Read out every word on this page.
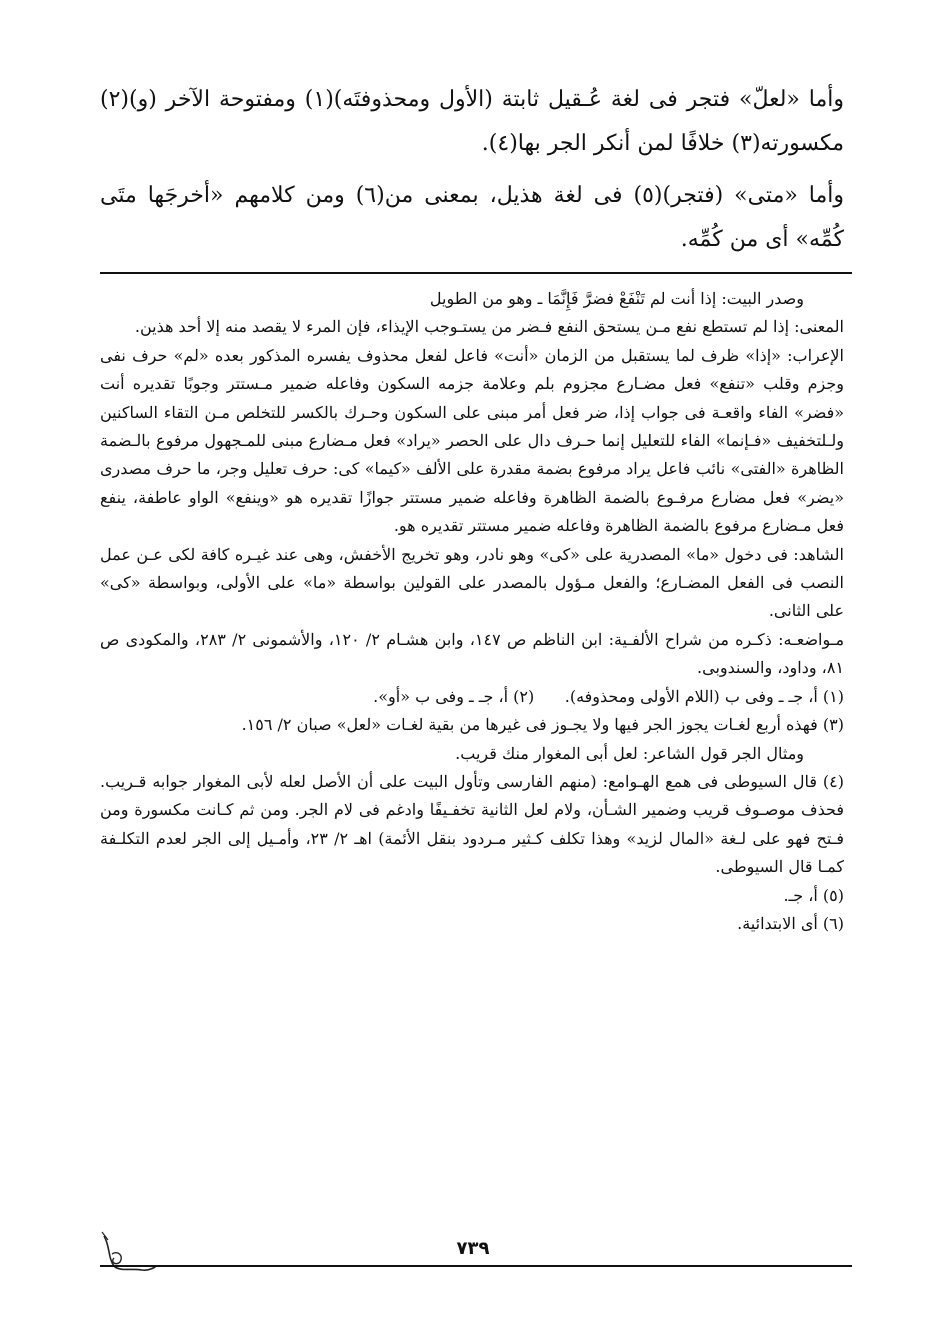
وأما «لعلّ» فتجر فى لغة عُـقيل ثابتة (الأول ومحذوفتَه)(١) ومفتوحة الآخر (و)(٢) مكسورته(٣) خلافًا لمن أنكر الجر بها(٤).

وأما «متى» (فتجر)(٥) فى لغة هذيل، بمعنى من(٦) ومن كلامهم «أخرجَها متَى كُمِّه» أى من كُمِّه.

وصدر البيت: إذا أنت لم تَنْفَعْ فضرَّ فَإِنَّمَا ـ وهو من الطويل

المعنى: إذا لم تستطع نفع مـن يستحق النفع فـضر من يستـوجب الإيذاء، فإن المرء لا يقصد منه إلا أحد هذين.

الإعراب: «إذا» ظرف لما يستقبل من الزمان «أنت» فاعل لفعل محذوف يفسره المذكور بعده «لم» حرف نفى وجزم وقلب «تنفع» فعل مضـارع مجزوم بلم وعلامة جزمه السكون وفاعله ضمير مـستتر وجوبًا تقديره أنت «فضر» الفاء واقعـة فى جواب إذا، ضر فعل أمر مبنى على السكون وحـرك بالكسر للتخلص مـن التقاء الساكنين ولـلتخفيف «فـإنما» الفاء للتعليل إنما حـرف دال على الحصر «يراد» فعل مـضارع مبنى للمـجهول مرفوع بالـضمة الظاهرة «الفتى» نائب فاعل يراد مرفوع بضمة مقدرة على الألف «كيما» كى: حرف تعليل وجر، ما حرف مصدرى «يضر» فعل مضارع مرفـوع بالضمة الظاهرة وفاعله ضمير مستتر جوازًا تقديره هو «وينفع» الواو عاطفة، ينفع فعل مـضارع مرفوع بالضمة الظاهرة وفاعله ضمير مستتر تقديره هو.

الشاهد: فى دخول «ما» المصدرية على «كى» وهو نادر، وهو تخريج الأخفش، وهى عند غيـره كافة لكى عـن عمل النصب فى الفعل المضـارع؛ والفعل مـؤول بالمصدر على القولين بواسطة «ما» على الأولى، وبواسطة «كى» على الثانى.

مـواضعـه: ذكـره من شراح الألفـية: ابن الناظم ص ١٤٧، وابن هشـام ٢/ ١٢٠، والأشمونى ٢/ ٢٨٣، والمكودى ص ٨١، وداود، والسندوبى.

(١) أ، جـ ـ وفى ب (اللام الأولى ومحذوفه).      (٢) أ، جـ ـ وفى ب «أو».

(٣) فهذه أربع لغـات يجوز الجر فيها ولا يجـوز فى غيرها من بقية لغـات «لعل» صبان ٢/ ١٥٦.

ومثال الجر قول الشاعر: لعل أبى المغوار منك قريب.

(٤) قال السيوطى فى همع الهـوامع: (منهم الفارسى وتأول البيت على أن الأصل لعله لأبى المغوار جوابه قـريب. فحذف موصـوف قريب وضمير الشـأن، ولام لعل الثانية تخفـيفًا وادغم فى لام الجر. ومن ثم كـانت مكسورة ومن فـتح فهو على لـغة «المال لزيد» وهذا تكلف كـثير مـردود بنقل الأئمة) اهـ ٢/ ٢٣، وأمـيل إلى الجر لعدم التكلـفة كمـا قال السيوطى.

(٥) أ، جـ.

(٦) أى الابتدائية.

٧٣٩
